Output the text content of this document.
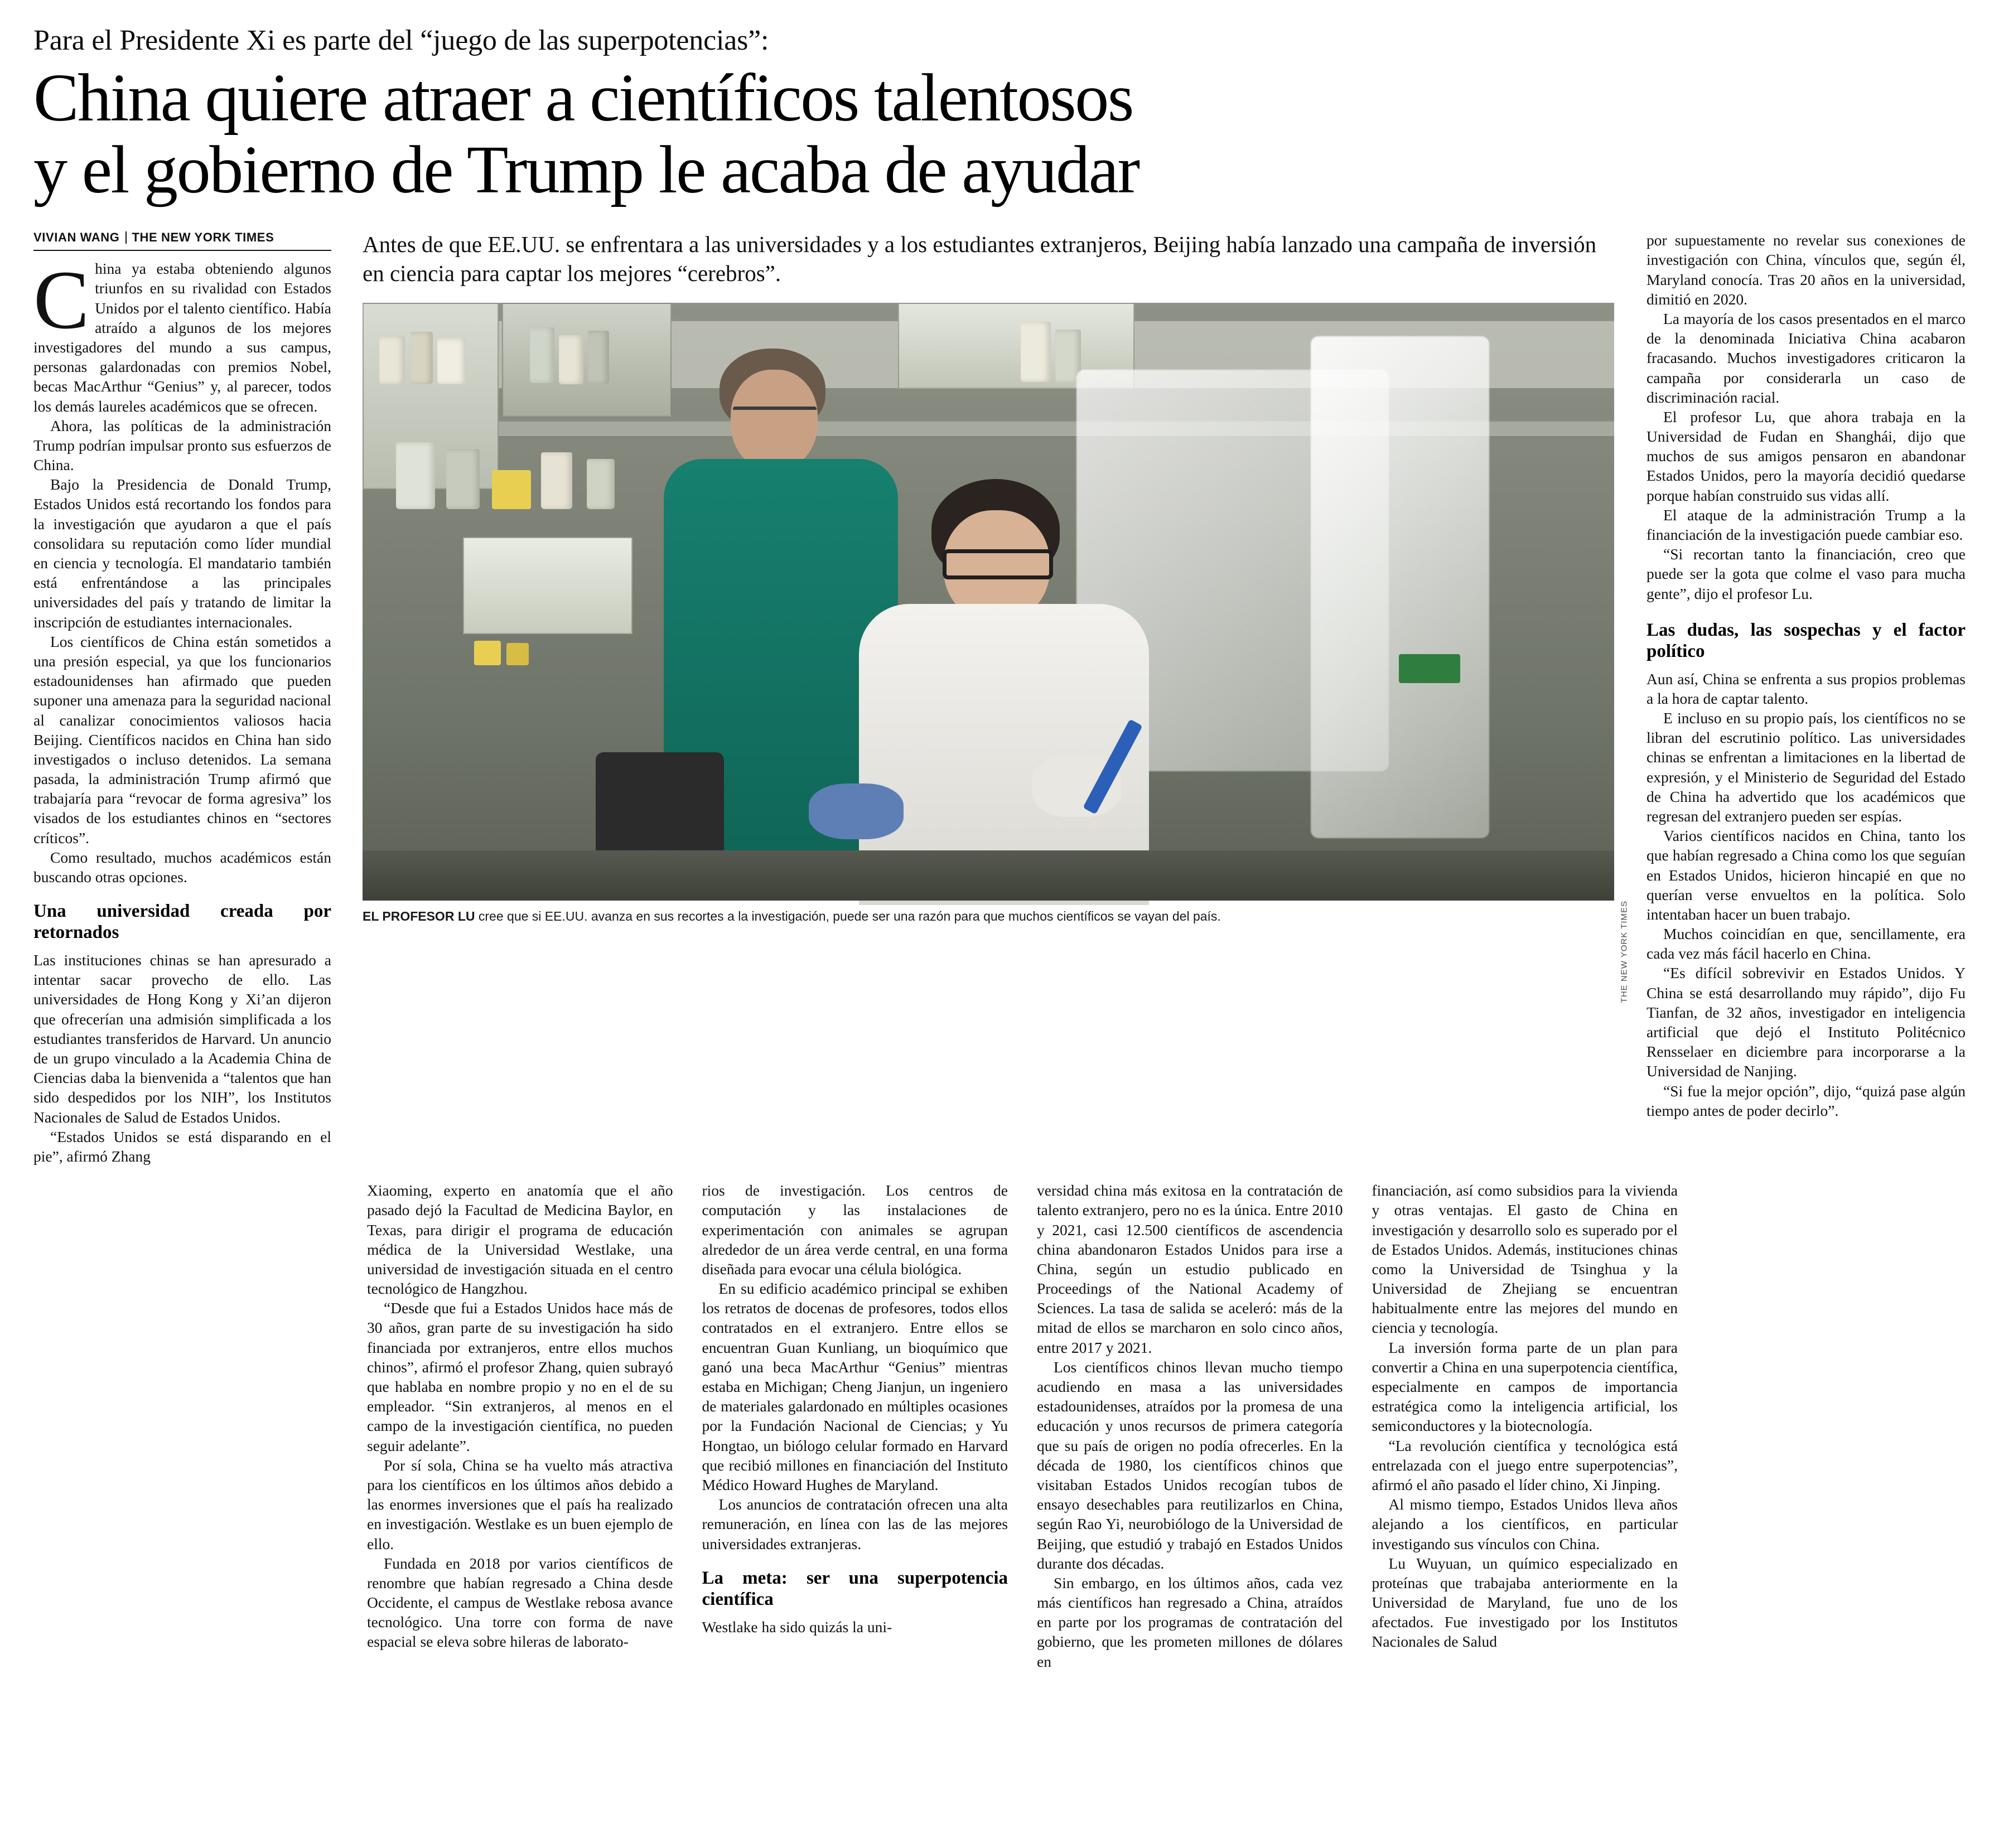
Para el Presidente Xi es parte del “juego de las superpotencias”:
China quiere atraer a científicos talentosos
y el gobierno de Trump le acaba de ayudar
VIVIAN WANG THE NEW YORK TIMES

China ya estaba obteniendo algunos triunfos en su rivalidad con Estados Unidos por el talento científico. Había atraído a algunos de los mejores investigadores del mundo a sus campus, personas galardonadas con premios Nobel, becas MacArthur “Genius” y, al parecer, todos los demás laureles académicos que se ofrecen.

Ahora, las políticas de la administración Trump podrían impulsar pronto sus esfuerzos de China.

Bajo la Presidencia de Donald Trump, Estados Unidos está recortando los fondos para la investigación que ayudaron a que el país consolidara su reputación como líder mundial en ciencia y tecnología. El mandatario también está enfrentándose a las principales universidades del país y tratando de limitar la inscripción de estudiantes internacionales.

Los científicos de China están sometidos a una presión especial, ya que los funcionarios estadounidenses han afirmado que pueden suponer una amenaza para la seguridad nacional al canalizar conocimientos valiosos hacia Beijing. Científicos nacidos en China han sido investigados o incluso detenidos. La semana pasada, la administración Trump afirmó que trabajaría para “revocar de forma agresiva” los visados de los estudiantes chinos en “sectores críticos”.

Como resultado, muchos académicos están buscando otras opciones.

Una universidad creada por retornados

Las instituciones chinas se han apresurado a intentar sacar provecho de ello. Las universidades de Hong Kong y Xi’an dijeron que ofrecerían una admisión simplificada a los estudiantes transferidos de Harvard. Un anuncio de un grupo vinculado a la Academia China de Ciencias daba la bienvenida a “talentos que han sido despedidos por los NIH”, los Institutos Nacionales de Salud de Estados Unidos.

“Estados Unidos se está disparando en el pie”, afirmó Zhang

Antes de que EE.UU. se enfrentara a las universidades y a los estudiantes extranjeros, Beijing había lanzado una campaña de inversión en ciencia para captar los mejores “cerebros”.
THE NEW YORK TIMES
EL PROFESOR LU cree que si EE.UU. avanza en sus recortes a la investigación, puede ser una razón para que muchos científicos se vayan del país.

por supuestamente no revelar sus conexiones de investigación con China, vínculos que, según él, Maryland conocía. Tras 20 años en la universidad, dimitió en 2020.

La mayoría de los casos presentados en el marco de la denominada Iniciativa China acabaron fracasando. Muchos investigadores criticaron la campaña por considerarla un caso de discriminación racial.

El profesor Lu, que ahora trabaja en la Universidad de Fudan en Shanghái, dijo que muchos de sus amigos pensaron en abandonar Estados Unidos, pero la mayoría decidió quedarse porque habían construido sus vidas allí.

El ataque de la administración Trump a la financiación de la investigación puede cambiar eso.

“Si recortan tanto la financiación, creo que puede ser la gota que colme el vaso para mucha gente”, dijo el profesor Lu.

Las dudas, las sospechas y el factor político

Aun así, China se enfrenta a sus propios problemas a la hora de captar talento.

E incluso en su propio país, los científicos no se libran del escrutinio político. Las universidades chinas se enfrentan a limitaciones en la libertad de expresión, y el Ministerio de Seguridad del Estado de China ha advertido que los académicos que regresan del extranjero pueden ser espías.

Varios científicos nacidos en China, tanto los que habían regresado a China como los que seguían en Estados Unidos, hicieron hincapié en que no querían verse envueltos en la política. Solo intentaban hacer un buen trabajo.

Muchos coincidían en que, sencillamente, era cada vez más fácil hacerlo en China.

“Es difícil sobrevivir en Estados Unidos. Y China se está desarrollando muy rápido”, dijo Fu Tianfan, de 32 años, investigador en inteligencia artificial que dejó el Instituto Politécnico Rensselaer en diciembre para incorporarse a la Universidad de Nanjing.

“Si fue la mejor opción”, dijo, “quizá pase algún tiempo antes de poder decirlo”.

Xiaoming, experto en anatomía que el año pasado dejó la Facultad de Medicina Baylor, en Texas, para dirigir el programa de educación médica de la Universidad Westlake, una universidad de investigación situada en el centro tecnológico de Hangzhou.

“Desde que fui a Estados Unidos hace más de 30 años, gran parte de su investigación ha sido financiada por extranjeros, entre ellos muchos chinos”, afirmó el profesor Zhang, quien subrayó que hablaba en nombre propio y no en el de su empleador. “Sin extranjeros, al menos en el campo de la investigación científica, no pueden seguir adelante”.

Por sí sola, China se ha vuelto más atractiva para los científicos en los últimos años debido a las enormes inversiones que el país ha realizado en investigación. Westlake es un buen ejemplo de ello.

Fundada en 2018 por varios científicos de renombre que habían regresado a China desde Occidente, el campus de Westlake rebosa avance tecnológico. Una torre con forma de nave espacial se eleva sobre hileras de laborato-

rios de investigación. Los centros de computación y las instalaciones de experimentación con animales se agrupan alrededor de un área verde central, en una forma diseñada para evocar una célula biológica.

En su edificio académico principal se exhiben los retratos de docenas de profesores, todos ellos contratados en el extranjero. Entre ellos se encuentran Guan Kunliang, un bioquímico que ganó una beca MacArthur “Genius” mientras estaba en Michigan; Cheng Jianjun, un ingeniero de materiales galardonado en múltiples ocasiones por la Fundación Nacional de Ciencias; y Yu Hongtao, un biólogo celular formado en Harvard que recibió millones en financiación del Instituto Médico Howard Hughes de Maryland.

Los anuncios de contratación ofrecen una alta remuneración, en línea con las de las mejores universidades extranjeras.

La meta: ser una superpotencia científica

Westlake ha sido quizás la uni-

versidad china más exitosa en la contratación de talento extranjero, pero no es la única. Entre 2010 y 2021, casi 12.500 científicos de ascendencia china abandonaron Estados Unidos para irse a China, según un estudio publicado en Proceedings of the National Academy of Sciences. La tasa de salida se aceleró: más de la mitad de ellos se marcharon en solo cinco años, entre 2017 y 2021.

Los científicos chinos llevan mucho tiempo acudiendo en masa a las universidades estadounidenses, atraídos por la promesa de una educación y unos recursos de primera categoría que su país de origen no podía ofrecerles. En la década de 1980, los científicos chinos que visitaban Estados Unidos recogían tubos de ensayo desechables para reutilizarlos en China, según Rao Yi, neurobiólogo de la Universidad de Beijing, que estudió y trabajó en Estados Unidos durante dos décadas.

Sin embargo, en los últimos años, cada vez más científicos han regresado a China, atraídos en parte por los programas de contratación del gobierno, que les prometen millones de dólares en

financiación, así como subsidios para la vivienda y otras ventajas. El gasto de China en investigación y desarrollo solo es superado por el de Estados Unidos. Además, instituciones chinas como la Universidad de Tsinghua y la Universidad de Zhejiang se encuentran habitualmente entre las mejores del mundo en ciencia y tecnología.

La inversión forma parte de un plan para convertir a China en una superpotencia científica, especialmente en campos de importancia estratégica como la inteligencia artificial, los semiconductores y la biotecnología.

“La revolución científica y tecnológica está entrelazada con el juego entre superpotencias”, afirmó el año pasado el líder chino, Xi Jinping.

Al mismo tiempo, Estados Unidos lleva años alejando a los científicos, en particular investigando sus vínculos con China.

Lu Wuyuan, un químico especializado en proteínas que trabajaba anteriormente en la Universidad de Maryland, fue uno de los afectados. Fue investigado por los Institutos Nacionales de Salud
